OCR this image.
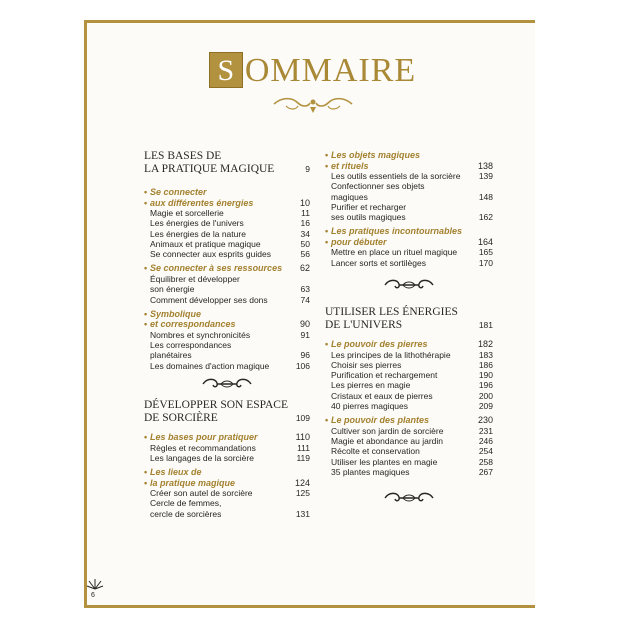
S OMMAIRE
LES BASES DE
LA PRATIQUE MAGIQUE	9
• Se connecter
• aux différentes énergies	10
Magie et sorcellerie	11
Les énergies de l'univers	16
Les énergies de la nature	34
Animaux et pratique magique	50
Se connecter aux esprits guides	56
• Se connecter à ses ressources 62
Équilibrer et développer
son énergie	63
Comment développer ses dons	74
• Symbolique
• et correspondances	90
Nombres et synchronicités	91
Les correspondances
planétaires	96
Les domaines d'action magique	106
DÉVELOPPER SON ESPACE
DE SORCIÈRE	109
• Les bases pour pratiquer	110
Règles et recommandations	111
Les langages de la sorcière	119
• Les lieux de
• la pratique magique	124
Créer son autel de sorcière	125
Cercle de femmes,
cercle de sorcières	131
• Les objets magiques
• et rituels	138
Les outils essentiels de la sorcière 139
Confectionner ses objets
magiques	148
Purifier et recharger
ses outils magiques	162
• Les pratiques incontournables
• pour débuter	164
Mettre en place un rituel magique	165
Lancer sorts et sortilèges	170
UTILISER LES ÉNERGIES
DE L'UNIVERS	181
• Le pouvoir des pierres	182
Les principes de la lithothérapie	183
Choisir ses pierres	186
Purification et rechargement	190
Les pierres en magie	196
Cristaux et eaux de pierres	200
40 pierres magiques	209
• Le pouvoir des plantes	230
Cultiver son jardin de sorcière	231
Magie et abondance au jardin	246
Récolte et conservation	254
Utiliser les plantes en magie	258
35 plantes magiques	267
6
